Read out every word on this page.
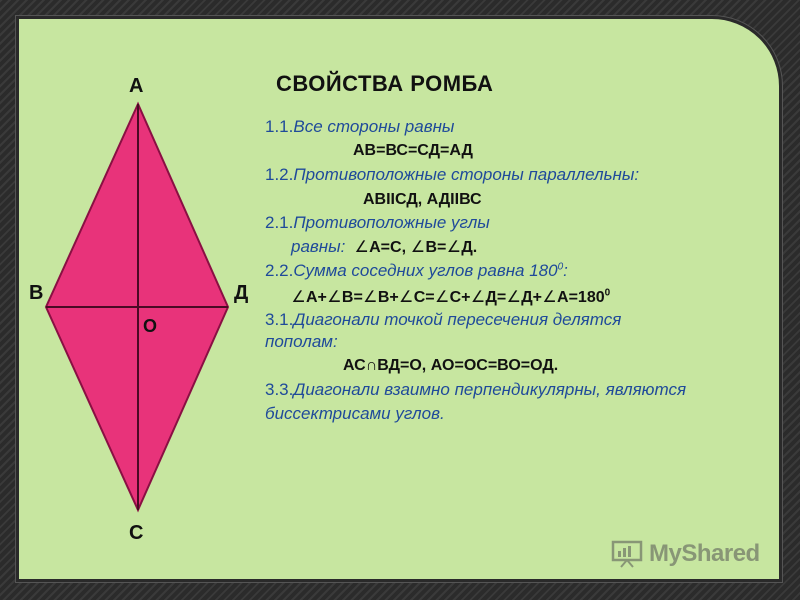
А
В
С
Д
О
СВОЙСТВА РОМБА
1.1.Все стороны равны
АВ=ВС=СД=АД
1.2.Противоположные стороны параллельны:
АВIIСД, АДIIВС
2.1.Противоположные углы
равны: ∠А=С, ∠В=∠Д.
2.2.Сумма соседних углов равна $180^0$:
$\angle А+\angle В=\angle В+\angle С=\angle С+\angle Д=\angle Д+\angle А=180^0$
3.1.Диагонали точкой пересечения делятся
пополам:
АС∩ВД=О, АО=ОС=ВО=ОД.
3.3.Диагонали взаимно перпендикулярны, являются
биссектрисами углов.
MyShared
